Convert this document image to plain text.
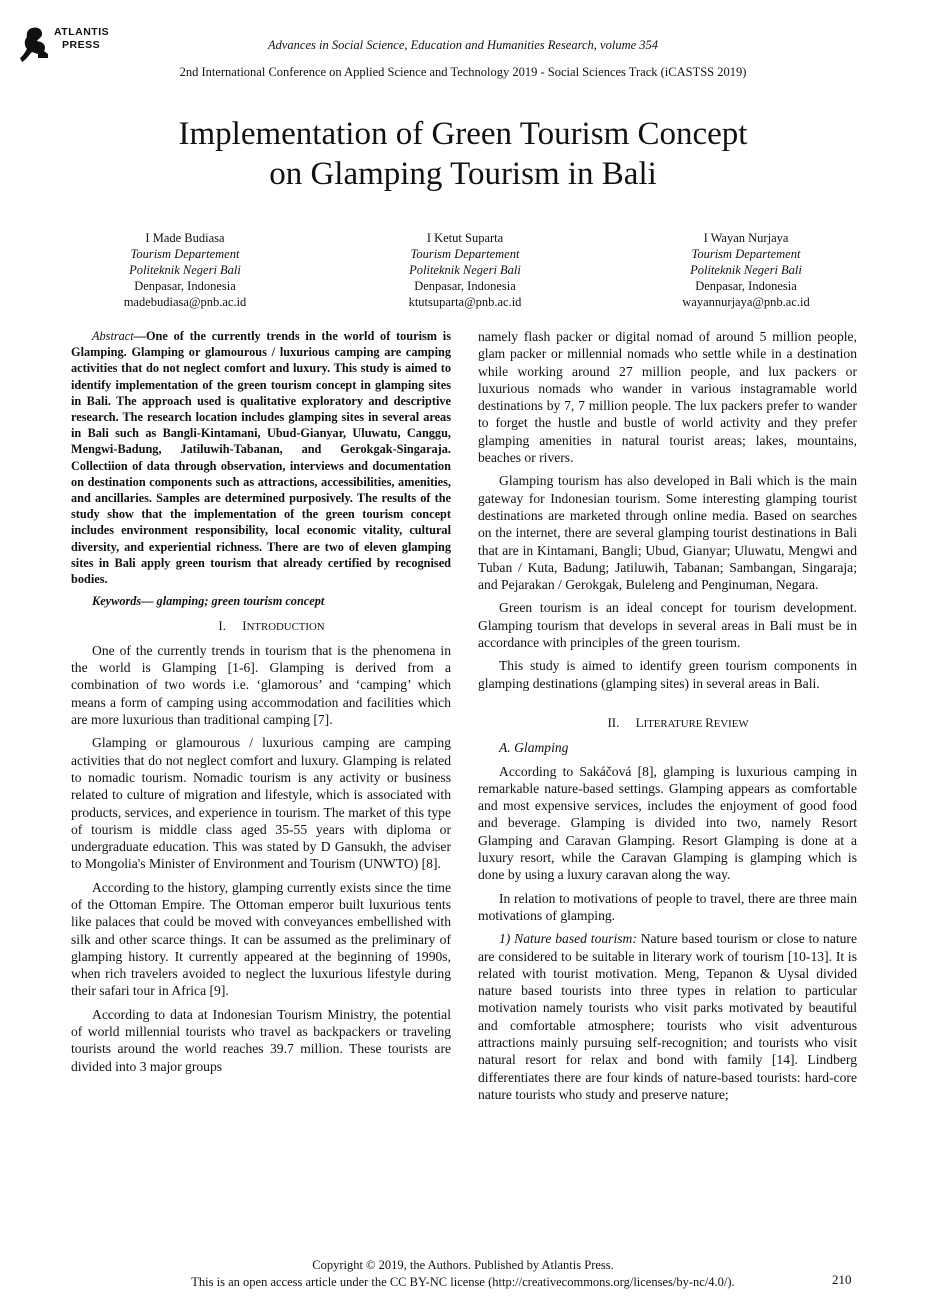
ATLANTIS
PRESS	Advances in Social Science, Education and Humanities Research, volume 354
2nd International Conference on Applied Science and Technology 2019 - Social Sciences Track (iCASTSS 2019)
Implementation of Green Tourism Concept
on Glamping Tourism in Bali
I Made Budiasa
Tourism Departement
Politeknik Negeri Bali
Denpasar, Indonesia
madebudiasa@pnb.ac.id
I Ketut Suparta
Tourism Departement
Politeknik Negeri Bali
Denpasar, Indonesia
ktutsuparta@pnb.ac.id
I Wayan Nurjaya
Tourism Departement
Politeknik Negeri Bali
Denpasar, Indonesia
wayannurjaya@pnb.ac.id

Abstract—One of the currently trends in the world of tourism is Glamping. Glamping or glamourous / luxurious camping are camping activities that do not neglect comfort and luxury. This study is aimed to identify implementation of the green tourism concept in glamping sites in Bali. The approach used is qualitative exploratory and descriptive research. The research location includes glamping sites in several areas in Bali such as Bangli-Kintamani, Ubud-Gianyar, Uluwatu, Canggu, Mengwi-Badung, Jatiluwih-Tabanan, and Gerokgak-Singaraja. Collectiion of data through observation, interviews and documentation on destination components such as attractions, accessibilities, amenities, and ancillaries. Samples are determined purposively. The results of the study show that the implementation of the green tourism concept includes environment responsibility, local economic vitality, cultural diversity, and experiential richness. There are two of eleven glamping sites in Bali apply green tourism that already certified by recognised bodies.

Keywords— glamping; green tourism concept

I. INTRODUCTION

One of the currently trends in tourism that is the phenomena in the world is Glamping [1-6]. Glamping is derived from a combination of two words i.e. ‘glamorous’ and ‘camping’ which means a form of camping using accommodation and facilities which are more luxurious than traditional camping [7].

Glamping or glamourous / luxurious camping are camping activities that do not neglect comfort and luxury. Glamping is related to nomadic tourism. Nomadic tourism is any activity or business related to culture of migration and lifestyle, which is associated with products, services, and experience in tourism. The market of this type of tourism is middle class aged 35-55 years with diploma or undergraduate education. This was stated by D Gansukh, the adviser to Mongolia's Minister of Environment and Tourism (UNWTO) [8].

According to the history, glamping currently exists since the time of the Ottoman Empire. The Ottoman emperor built luxurious tents like palaces that could be moved with conveyances embellished with silk and other scarce things. It can be assumed as the preliminary of glamping history. It currently appeared at the beginning of 1990s, when rich travelers avoided to neglect the luxurious lifestyle during their safari tour in Africa [9].

According to data at Indonesian Tourism Ministry, the potential of world millennial tourists who travel as backpackers or traveling tourists around the world reaches 39.7 million. These tourists are divided into 3 major groups

namely flash packer or digital nomad of around 5 million people, glam packer or millennial nomads who settle while in a destination while working around 27 million people, and lux packers or luxurious nomads who wander in various instagramable world destinations by 7, 7 million people. The lux packers prefer to wander to forget the hustle and bustle of world activity and they prefer glamping amenities in natural tourist areas; lakes, mountains, beaches or rivers.

Glamping tourism has also developed in Bali which is the main gateway for Indonesian tourism. Some interesting glamping tourist destinations are marketed through online media. Based on searches on the internet, there are several glamping tourist destinations in Bali that are in Kintamani, Bangli; Ubud, Gianyar; Uluwatu, Mengwi and Tuban / Kuta, Badung; Jatiluwih, Tabanan; Sambangan, Singaraja; and Pejarakan / Gerokgak, Buleleng and Penginuman, Negara.

Green tourism is an ideal concept for tourism development. Glamping tourism that develops in several areas in Bali must be in accordance with principles of the green tourism.

This study is aimed to identify green tourism components in glamping destinations (glamping sites) in several areas in Bali.

II. LITERATURE REVIEW

A. Glamping

According to Sakáčová [8], glamping is luxurious camping in remarkable nature-based settings. Glamping appears as comfortable and most expensive services, includes the enjoyment of good food and beverage. Glamping is divided into two, namely Resort Glamping and Caravan Glamping. Resort Glamping is done at a luxury resort, while the Caravan Glamping is glamping which is done by using a luxury caravan along the way.

In relation to motivations of people to travel, there are three main motivations of glamping.

1) Nature based tourism: Nature based tourism or close to nature are considered to be suitable in literary work of tourism [10-13]. It is related with tourist motivation. Meng, Tepanon & Uysal divided nature based tourists into three types in relation to particular motivation namely tourists who visit parks motivated by beautiful and comfortable atmosphere; tourists who visit adventurous attractions mainly pursuing self-recognition; and tourists who visit natural resort for relax and bond with family [14]. Lindberg differentiates there are four kinds of nature-based tourists: hard-core nature tourists who study and preserve nature;

Copyright © 2019, the Authors. Published by Atlantis Press.
This is an open access article under the CC BY-NC license (http://creativecommons.org/licenses/by-nc/4.0/).	210
